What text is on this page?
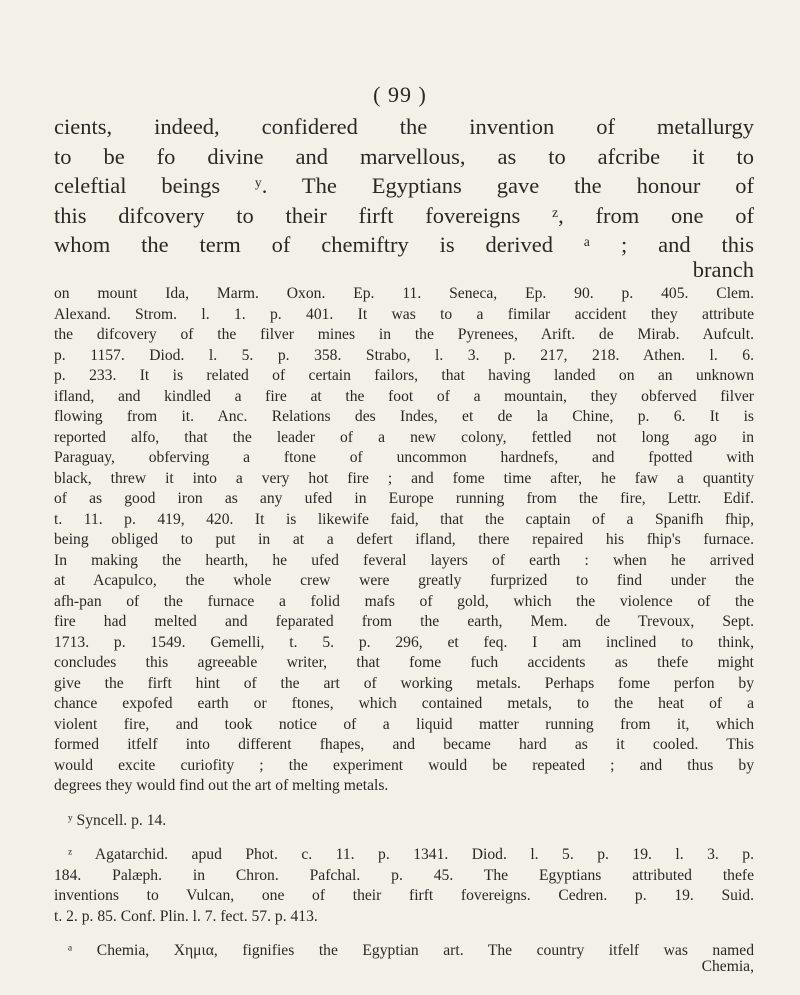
( 99 )
cients, indeed, confidered the invention of metallurgy
to be fo divine and marvellous, as to afcribe it to
celeftial beings ʸ. The Egyptians gave the honour of
this difcovery to their firft fovereigns ᶻ, from one of
whom the term of chemiftry is derived ᵃ ; and this
branch
on mount Ida, Marm. Oxon. Ep. 11. Seneca, Ep. 90. p. 405. Clem.
Alexand. Strom. l. 1. p. 401. It was to a fimilar accident they attribute
the difcovery of the filver mines in the Pyrenees, Arift. de Mirab. Aufcult.
p. 1157. Diod. l. 5. p. 358. Strabo, l. 3. p. 217, 218. Athen. l. 6.
p. 233. It is related of certain failors, that having landed on an unknown
ifland, and kindled a fire at the foot of a mountain, they obferved filver
flowing from it. Anc. Relations des Indes, et de la Chine, p. 6. It is
reported alfo, that the leader of a new colony, fettled not long ago in
Paraguay, obferving a ftone of uncommon hardnefs, and fpotted with
black, threw it into a very hot fire ; and fome time after, he faw a quantity
of as good iron as any ufed in Europe running from the fire, Lettr. Edif.
t. 11. p. 419, 420. It is likewife faid, that the captain of a Spanifh fhip,
being obliged to put in at a defert ifland, there repaired his fhip's furnace.
In making the hearth, he ufed feveral layers of earth : when he arrived
at Acapulco, the whole crew were greatly furprized to find under the
afh-pan of the furnace a folid mafs of gold, which the violence of the
fire had melted and feparated from the earth, Mem. de Trevoux, Sept.
1713. p. 1549. Gemelli, t. 5. p. 296, et feq. I am inclined to think,
concludes this agreeable writer, that fome fuch accidents as thefe might
give the firft hint of the art of working metals. Perhaps fome perfon by
chance expofed earth or ftones, which contained metals, to the heat of a
violent fire, and took notice of a liquid matter running from it, which
formed itfelf into different fhapes, and became hard as it cooled. This
would excite curiofity ; the experiment would be repeated ; and thus by
degrees they would find out the art of melting metals.
ʸ Syncell. p. 14.
ᶻ Agatarchid. apud Phot. c. 11. p. 1341. Diod. l. 5. p. 19. l. 3. p.
184. Palæph. in Chron. Pafchal. p. 45. The Egyptians attributed thefe
inventions to Vulcan, one of their firft fovereigns. Cedren. p. 19. Suid.
t. 2. p. 85. Conf. Plin. l. 7. fect. 57. p. 413.
ᵃ Chemia, Χημια, fignifies the Egyptian art. The country itfelf was named
Chemia,
